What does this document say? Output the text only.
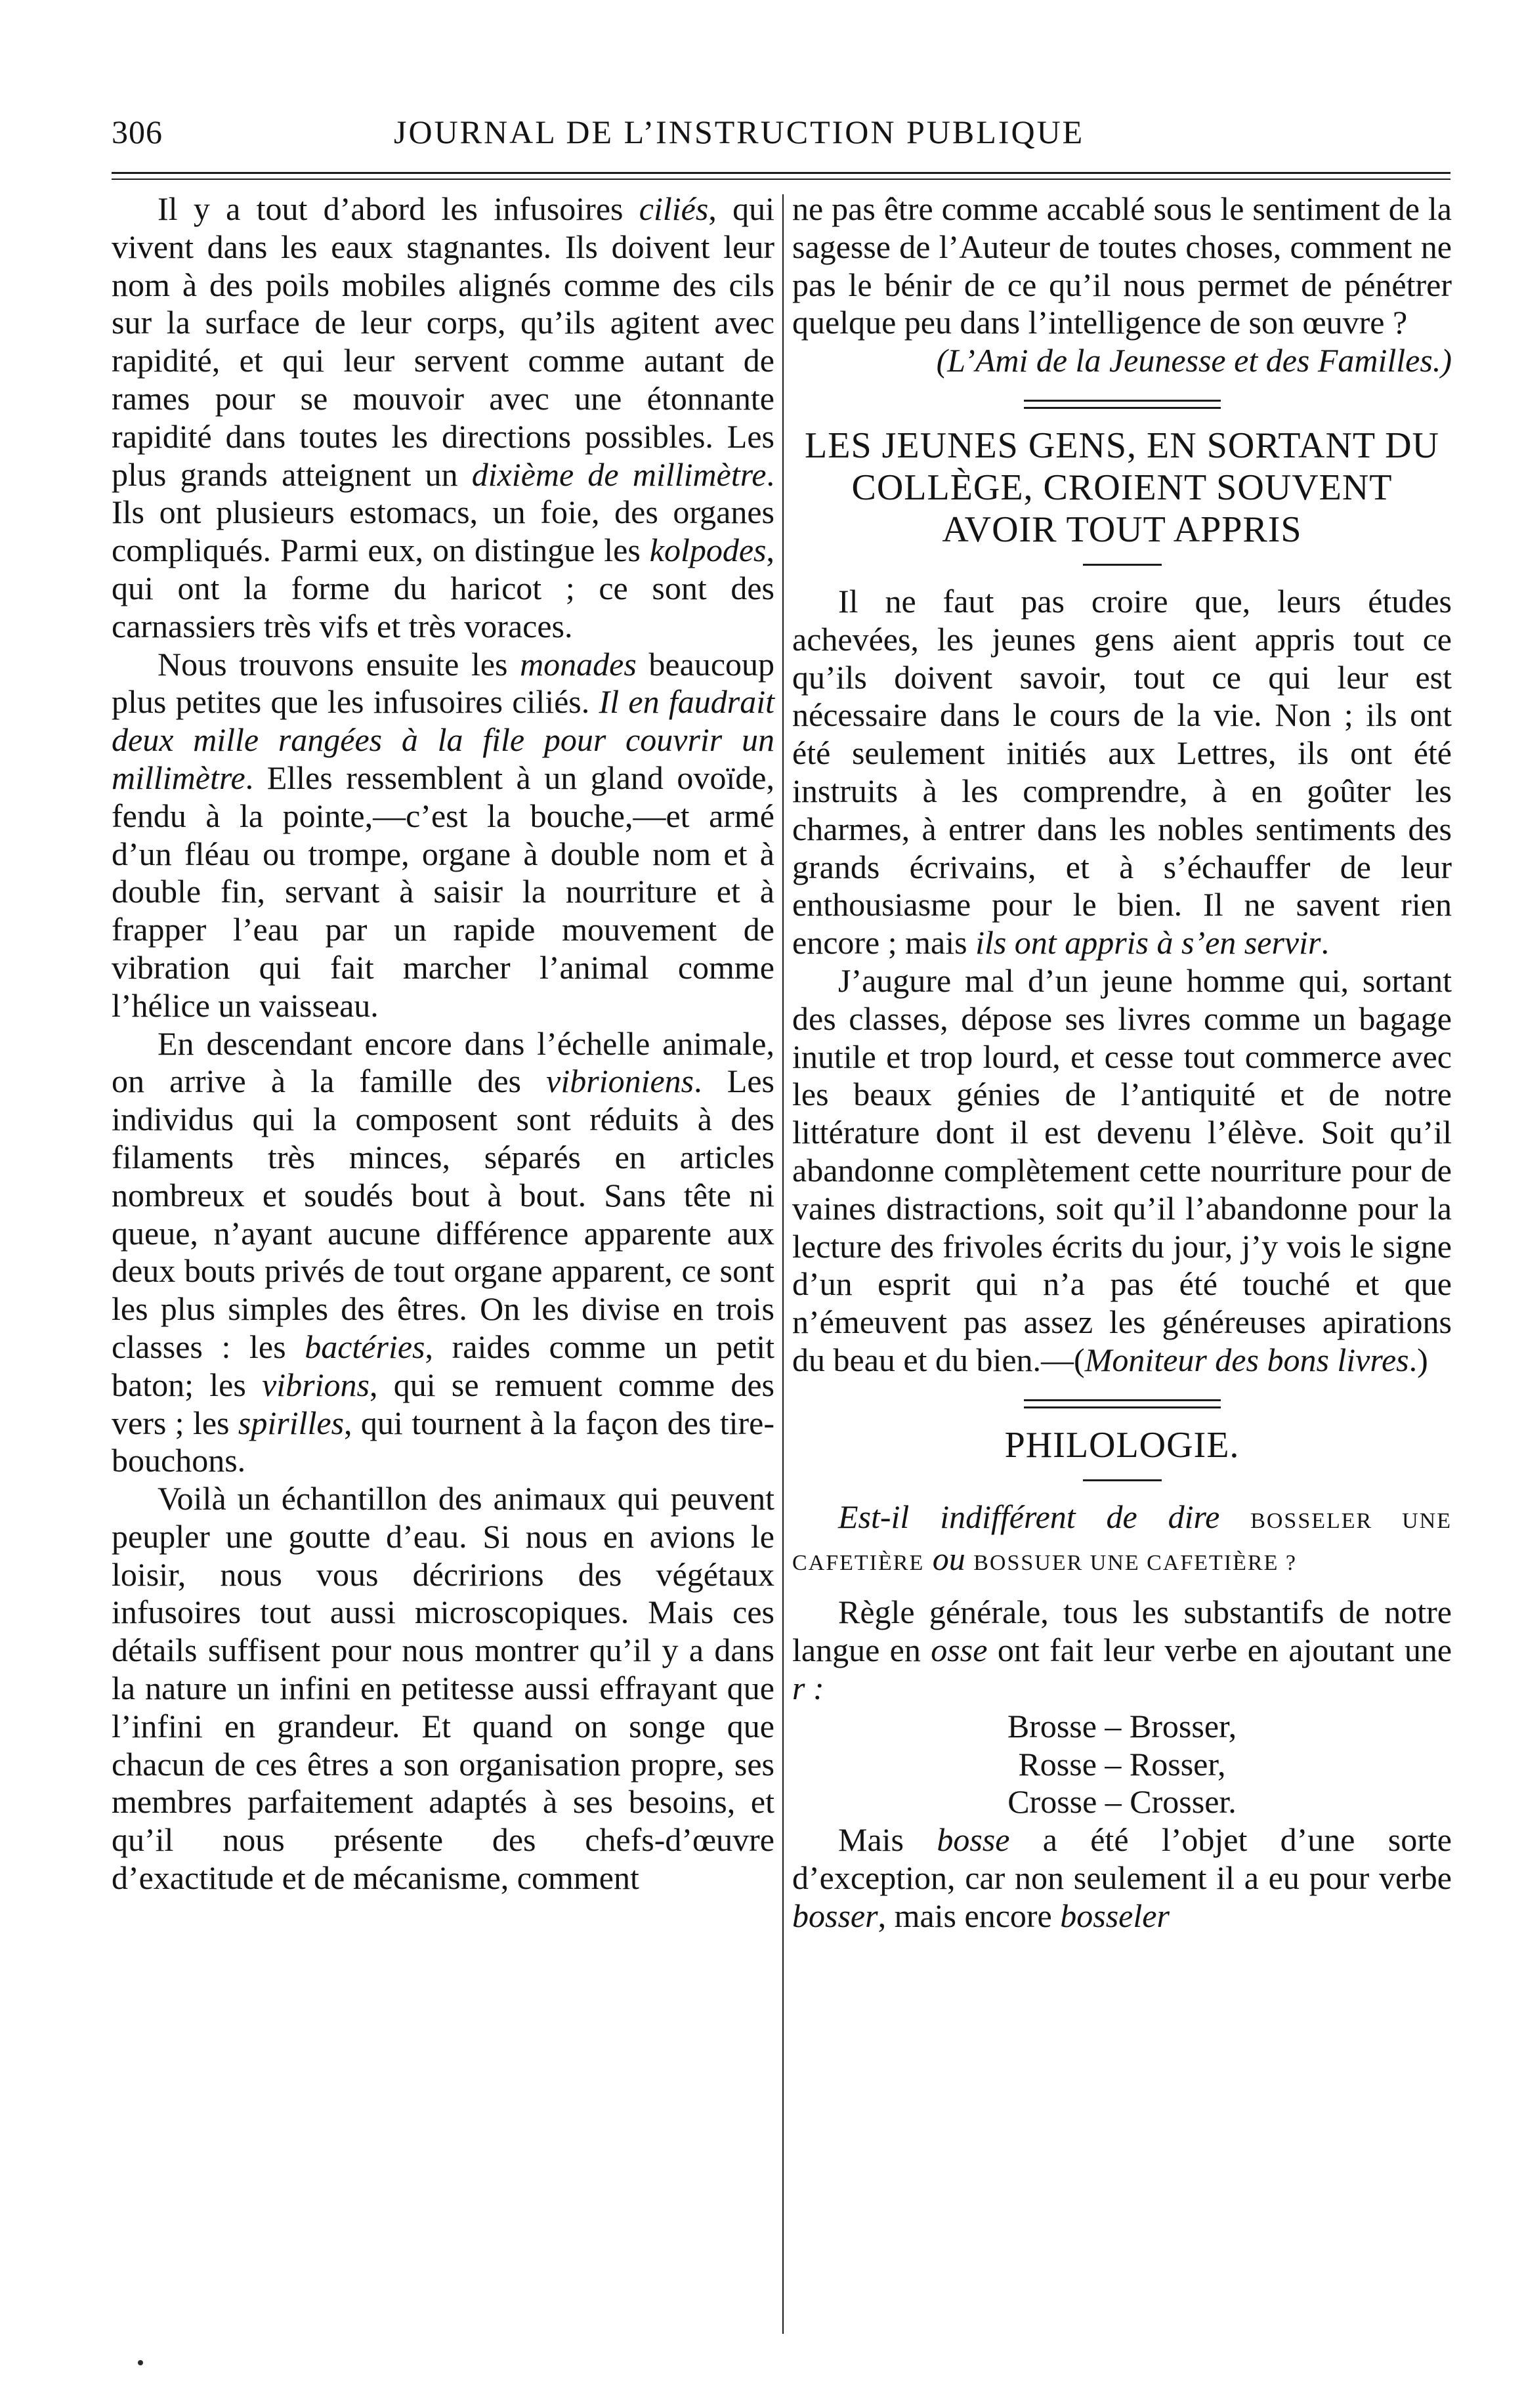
306	JOURNAL DE L’INSTRUCTION PUBLIQUE

Il y a tout d’abord les infusoires ciliés, qui vivent dans les eaux stagnantes. Ils doivent leur nom à des poils mobiles alignés comme des cils sur la surface de leur corps, qu’ils agitent avec rapidité, et qui leur servent comme autant de rames pour se mouvoir avec une étonnante rapidité dans toutes les directions possibles. Les plus grands atteignent un dixième de millimètre. Ils ont plusieurs estomacs, un foie, des organes compliqués. Parmi eux, on distingue les kolpodes, qui ont la forme du haricot ; ce sont des carnassiers très vifs et très voraces.

Nous trouvons ensuite les monades beaucoup plus petites que les infusoires ciliés. Il en faudrait deux mille rangées à la file pour couvrir un millimètre. Elles ressemblent à un gland ovoïde, fendu à la pointe,—c’est la bouche,—et armé d’un fléau ou trompe, organe à double nom et à double fin, servant à saisir la nourriture et à frapper l’eau par un rapide mouvement de vibration qui fait marcher l’animal comme l’hélice un vaisseau.

En descendant encore dans l’échelle animale, on arrive à la famille des vibrioniens. Les individus qui la composent sont réduits à des filaments très minces, séparés en articles nombreux et soudés bout à bout. Sans tête ni queue, n’ayant aucune différence apparente aux deux bouts privés de tout organe apparent, ce sont les plus simples des êtres. On les divise en trois classes : les bactéries, raides comme un petit baton; les vibrions, qui se remuent comme des vers ; les spirilles, qui tournent à la façon des tire-bouchons.

Voilà un échantillon des animaux qui peuvent peupler une goutte d’eau. Si nous en avions le loisir, nous vous décririons des végétaux infusoires tout aussi microscopiques. Mais ces détails suffisent pour nous montrer qu’il y a dans la nature un infini en petitesse aussi effrayant que l’infini en grandeur. Et quand on songe que chacun de ces êtres a son organisation propre, ses membres parfaitement adaptés à ses besoins, et qu’il nous présente des chefs-d’œuvre d’exactitude et de mécanisme, comment

ne pas être comme accablé sous le sentiment de la sagesse de l’Auteur de toutes choses, comment ne pas le bénir de ce qu’il nous permet de pénétrer quelque peu dans l’intelligence de son œuvre ?

(L’Ami de la Jeunesse et des Familles.)

LES JEUNES GENS, EN SORTANT DU COLLÈGE, CROIENT SOUVENT AVOIR TOUT APPRIS

Il ne faut pas croire que, leurs études achevées, les jeunes gens aient appris tout ce qu’ils doivent savoir, tout ce qui leur est nécessaire dans le cours de la vie. Non ; ils ont été seulement initiés aux Lettres, ils ont été instruits à les comprendre, à en goûter les charmes, à entrer dans les nobles sentiments des grands écrivains, et à s’échauffer de leur enthousiasme pour le bien. Il ne savent rien encore ; mais ils ont appris à s’en servir.

J’augure mal d’un jeune homme qui, sortant des classes, dépose ses livres comme un bagage inutile et trop lourd, et cesse tout commerce avec les beaux génies de l’antiquité et de notre littérature dont il est devenu l’élève. Soit qu’il abandonne complètement cette nourriture pour de vaines distractions, soit qu’il l’abandonne pour la lecture des frivoles écrits du jour, j’y vois le signe d’un esprit qui n’a pas été touché et que n’émeuvent pas assez les généreuses apirations du beau et du bien.—(Moniteur des bons livres.)

PHILOLOGIE.

Est-il indifférent de dire BOSSELER UNE CAFETIÈRE ou BOSSUER UNE CAFETIÈRE ?

Règle générale, tous les substantifs de notre langue en osse ont fait leur verbe en ajoutant une r :

Brosse – Brosser,

Rosse – Rosser,

Crosse – Crosser.

Mais bosse a été l’objet d’une sorte d’exception, car non seulement il a eu pour verbe bosser, mais encore bosseler
